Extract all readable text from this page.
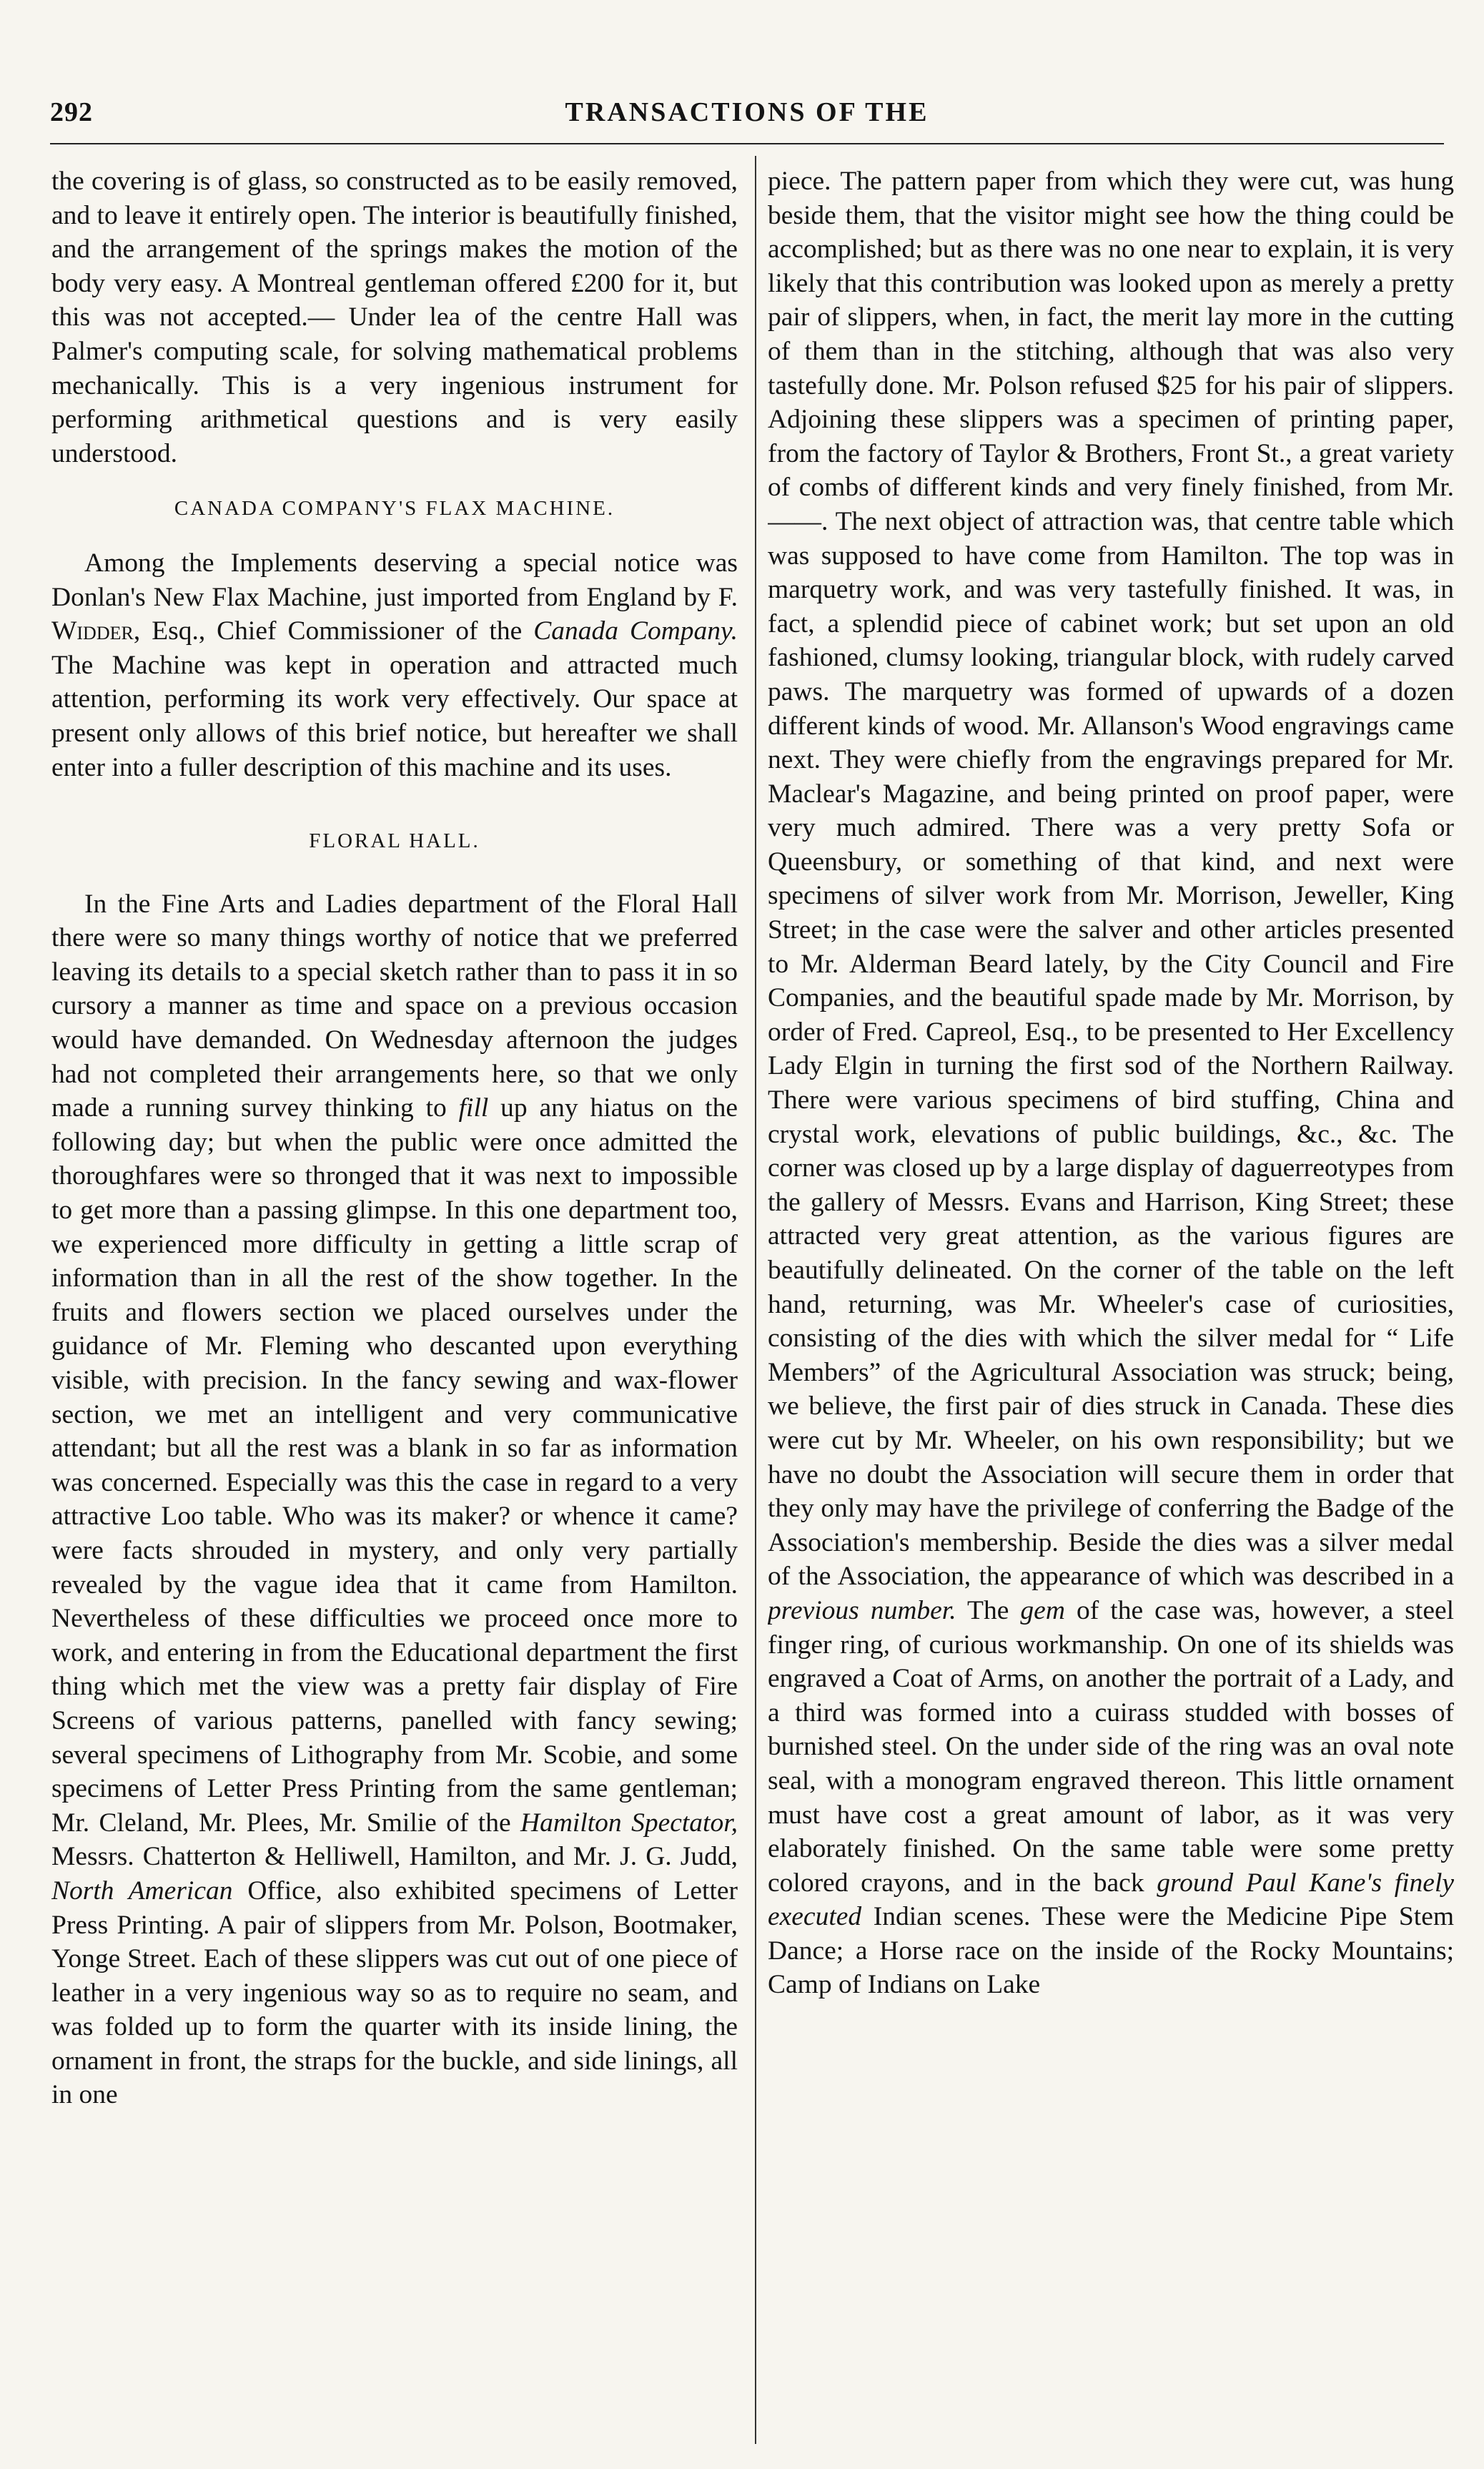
292	TRANSACTIONS OF THE

the covering is of glass, so constructed as to be easily removed, and to leave it entirely open. The interior is beautifully finished, and the arrangement of the springs makes the motion of the body very easy. A Montreal gentleman offered £200 for it, but this was not accepted.— Under lea of the centre Hall was Palmer's computing scale, for solving mathematical problems mechanically. This is a very ingenious instrument for performing arithmetical questions and is very easily understood.

CANADA COMPANY'S FLAX MACHINE.

Among the Implements deserving a special notice was Donlan's New Flax Machine, just imported from England by F. Widder, Esq., Chief Commissioner of the Canada Company. The Machine was kept in operation and attracted much attention, performing its work very effectively. Our space at present only allows of this brief notice, but hereafter we shall enter into a fuller description of this machine and its uses.

FLORAL HALL.

In the Fine Arts and Ladies department of the Floral Hall there were so many things worthy of notice that we preferred leaving its details to a special sketch rather than to pass it in so cursory a manner as time and space on a previous occasion would have demanded. On Wednesday afternoon the judges had not completed their arrangements here, so that we only made a running survey thinking to fill up any hiatus on the following day; but when the public were once admitted the thoroughfares were so thronged that it was next to impossible to get more than a passing glimpse. In this one department too, we experienced more difficulty in getting a little scrap of information than in all the rest of the show together. In the fruits and flowers section we placed ourselves under the guidance of Mr. Fleming who descanted upon everything visible, with precision. In the fancy sewing and wax-flower section, we met an intelligent and very communicative attendant; but all the rest was a blank in so far as information was concerned. Especially was this the case in regard to a very attractive Loo table. Who was its maker? or whence it came? were facts shrouded in mystery, and only very partially revealed by the vague idea that it came from Hamilton. Nevertheless of these difficulties we proceed once more to work, and entering in from the Educational department the first thing which met the view was a pretty fair display of Fire Screens of various patterns, panelled with fancy sewing; several specimens of Lithography from Mr. Scobie, and some specimens of Letter Press Printing from the same gentleman; Mr. Cleland, Mr. Plees, Mr. Smilie of the Hamilton Spectator, Messrs. Chatterton & Helliwell, Hamilton, and Mr. J. G. Judd, North American Office, also exhibited specimens of Letter Press Printing. A pair of slippers from Mr. Polson, Bootmaker, Yonge Street. Each of these slippers was cut out of one piece of leather in a very ingenious way so as to require no seam, and was folded up to form the quarter with its inside lining, the ornament in front, the straps for the buckle, and side linings, all in one

piece. The pattern paper from which they were cut, was hung beside them, that the visitor might see how the thing could be accomplished; but as there was no one near to explain, it is very likely that this contribution was looked upon as merely a pretty pair of slippers, when, in fact, the merit lay more in the cutting of them than in the stitching, although that was also very tastefully done. Mr. Polson refused $25 for his pair of slippers. Adjoining these slippers was a specimen of printing paper, from the factory of Taylor & Brothers, Front St., a great variety of combs of different kinds and very finely finished, from Mr. ——. The next object of attraction was, that centre table which was supposed to have come from Hamilton. The top was in marquetry work, and was very tastefully finished. It was, in fact, a splendid piece of cabinet work; but set upon an old fashioned, clumsy looking, triangular block, with rudely carved paws. The marquetry was formed of upwards of a dozen different kinds of wood. Mr. Allanson's Wood engravings came next. They were chiefly from the engravings prepared for Mr. Maclear's Magazine, and being printed on proof paper, were very much admired. There was a very pretty Sofa or Queensbury, or something of that kind, and next were specimens of silver work from Mr. Morrison, Jeweller, King Street; in the case were the salver and other articles presented to Mr. Alderman Beard lately, by the City Council and Fire Companies, and the beautiful spade made by Mr. Morrison, by order of Fred. Capreol, Esq., to be presented to Her Excellency Lady Elgin in turning the first sod of the Northern Railway. There were various specimens of bird stuffing, China and crystal work, elevations of public buildings, &c., &c. The corner was closed up by a large display of daguerreotypes from the gallery of Messrs. Evans and Harrison, King Street; these attracted very great attention, as the various figures are beautifully delineated. On the corner of the table on the left hand, returning, was Mr. Wheeler's case of curiosities, consisting of the dies with which the silver medal for “ Life Members” of the Agricultural Association was struck; being, we believe, the first pair of dies struck in Canada. These dies were cut by Mr. Wheeler, on his own responsibility; but we have no doubt the Association will secure them in order that they only may have the privilege of conferring the Badge of the Association's membership. Beside the dies was a silver medal of the Association, the appearance of which was described in a previous number. The gem of the case was, however, a steel finger ring, of curious workmanship. On one of its shields was engraved a Coat of Arms, on another the portrait of a Lady, and a third was formed into a cuirass studded with bosses of burnished steel. On the under side of the ring was an oval note seal, with a monogram engraved thereon. This little ornament must have cost a great amount of labor, as it was very elaborately finished. On the same table were some pretty colored crayons, and in the back ground Paul Kane's finely executed Indian scenes. These were the Medicine Pipe Stem Dance; a Horse race on the inside of the Rocky Mountains; Camp of Indians on Lake
